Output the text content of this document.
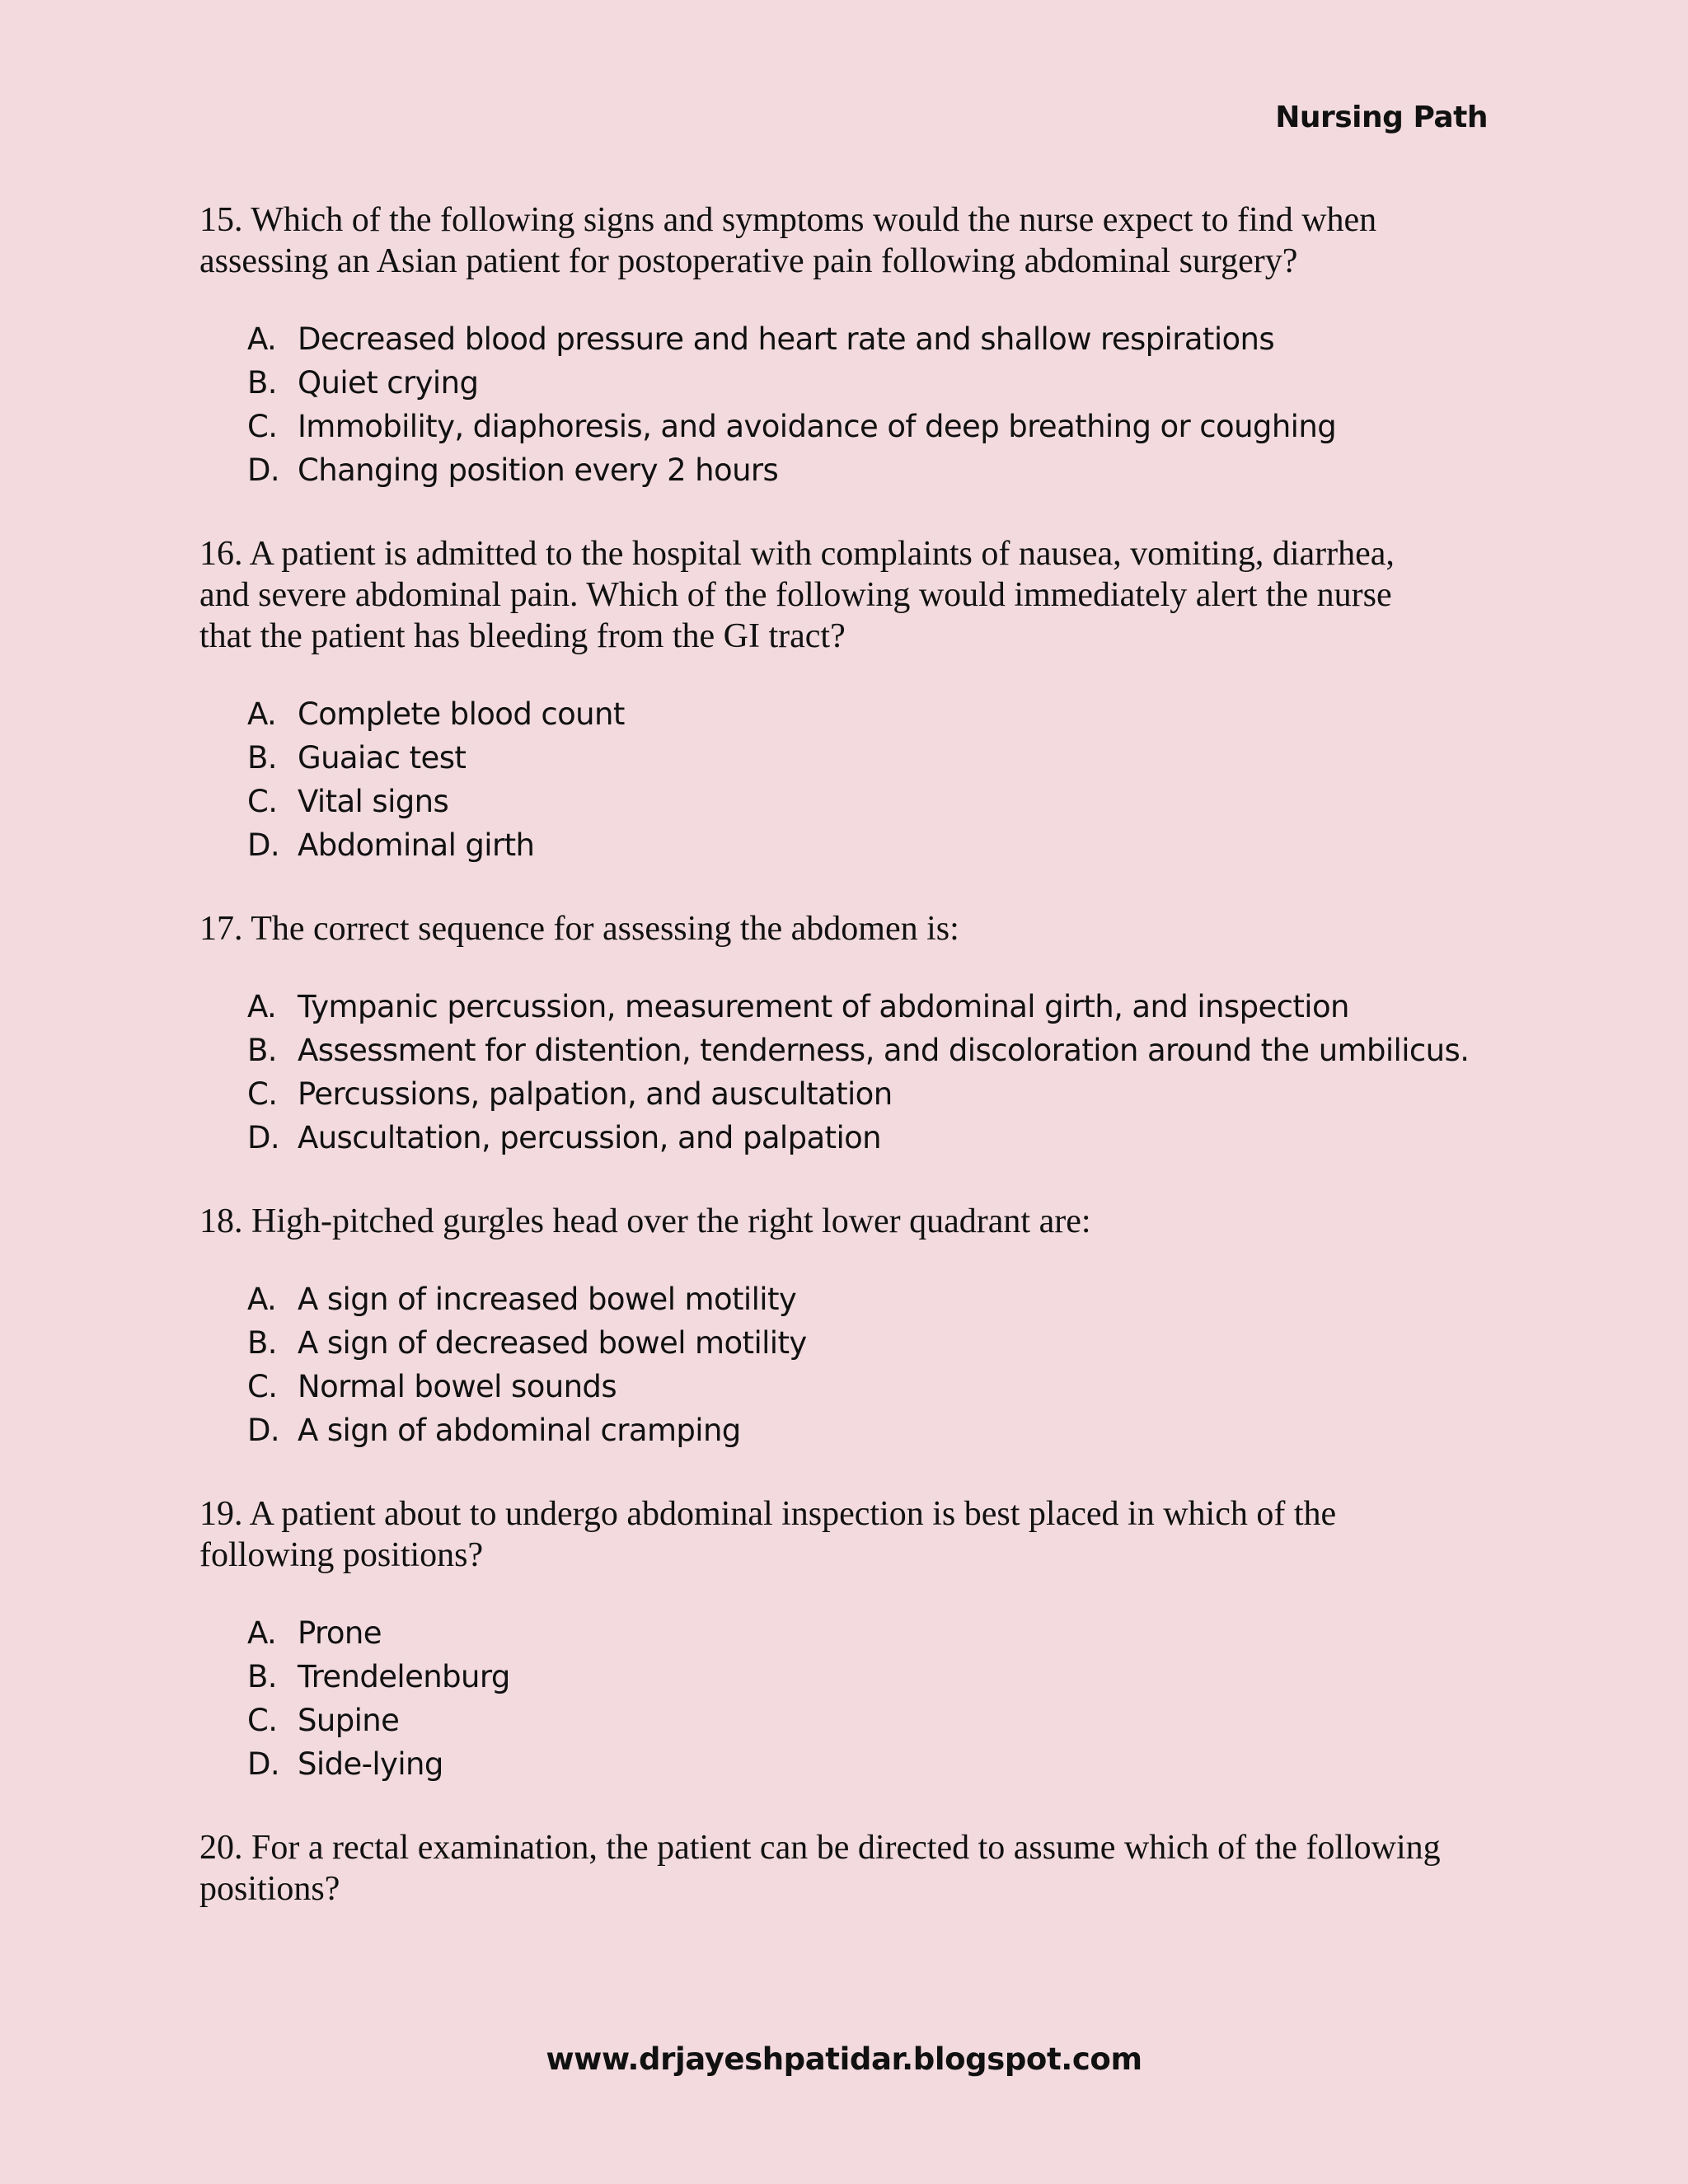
Nursing Path

15. Which of the following signs and symptoms would the nurse expect to find when
assessing an Asian patient for postoperative pain following abdominal surgery?

A. Decreased blood pressure and heart rate and shallow respirations
B. Quiet crying
C. Immobility, diaphoresis, and avoidance of deep breathing or coughing
D. Changing position every 2 hours

16. A patient is admitted to the hospital with complaints of nausea, vomiting, diarrhea,
and severe abdominal pain. Which of the following would immediately alert the nurse
that the patient has bleeding from the GI tract?

A. Complete blood count
B. Guaiac test
C. Vital signs
D. Abdominal girth

17. The correct sequence for assessing the abdomen is:

A. Tympanic percussion, measurement of abdominal girth, and inspection
B. Assessment for distention, tenderness, and discoloration around the umbilicus.
C. Percussions, palpation, and auscultation
D. Auscultation, percussion, and palpation

18. High-pitched gurgles head over the right lower quadrant are:

A. A sign of increased bowel motility
B. A sign of decreased bowel motility
C. Normal bowel sounds
D. A sign of abdominal cramping

19. A patient about to undergo abdominal inspection is best placed in which of the
following positions?

A. Prone
B. Trendelenburg
C. Supine
D. Side-lying

20. For a rectal examination, the patient can be directed to assume which of the following
positions?

www.drjayeshpatidar.blogspot.com
